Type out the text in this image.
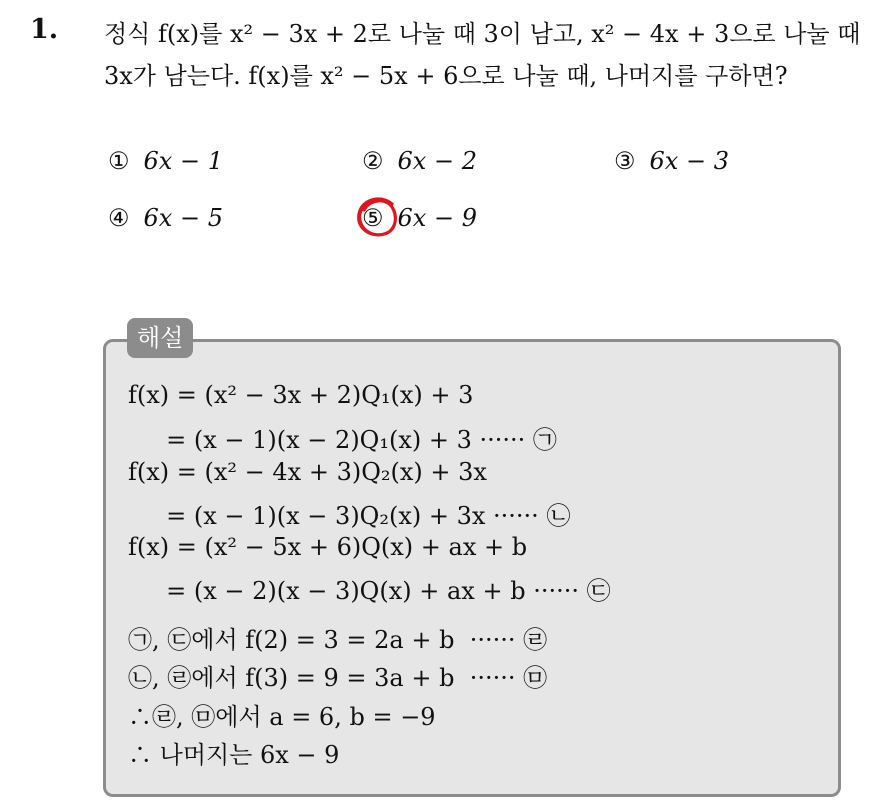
1. 정식 f(x)를 x² − 3x + 2로 나눌 때 3이 남고, x² − 4x + 3으로 나눌 때
3x가 남는다. f(x)를 x² − 5x + 6으로 나눌 때, 나머지를 구하면?
① 6x − 1	② 6x − 2	③ 6x − 3
④ 6x − 5	⑤ 6x − 9
해설
f(x) = (x² − 3x + 2)Q₁(x) + 3
= (x − 1)(x − 2)Q₁(x) + 3 ······ ㉠
f(x) = (x² − 4x + 3)Q₂(x) + 3x
= (x − 1)(x − 3)Q₂(x) + 3x ······ ㉡
f(x) = (x² − 5x + 6)Q(x) + ax + b
= (x − 2)(x − 3)Q(x) + ax + b ······ ㉢
㉠, ㉢에서 f(2) = 3 = 2a + b  ······ ㉣
㉡, ㉣에서 f(3) = 9 = 3a + b  ······ ㉤
∴㉣, ㉤에서 a = 6, b = −9
∴ 나머지는 6x − 9
